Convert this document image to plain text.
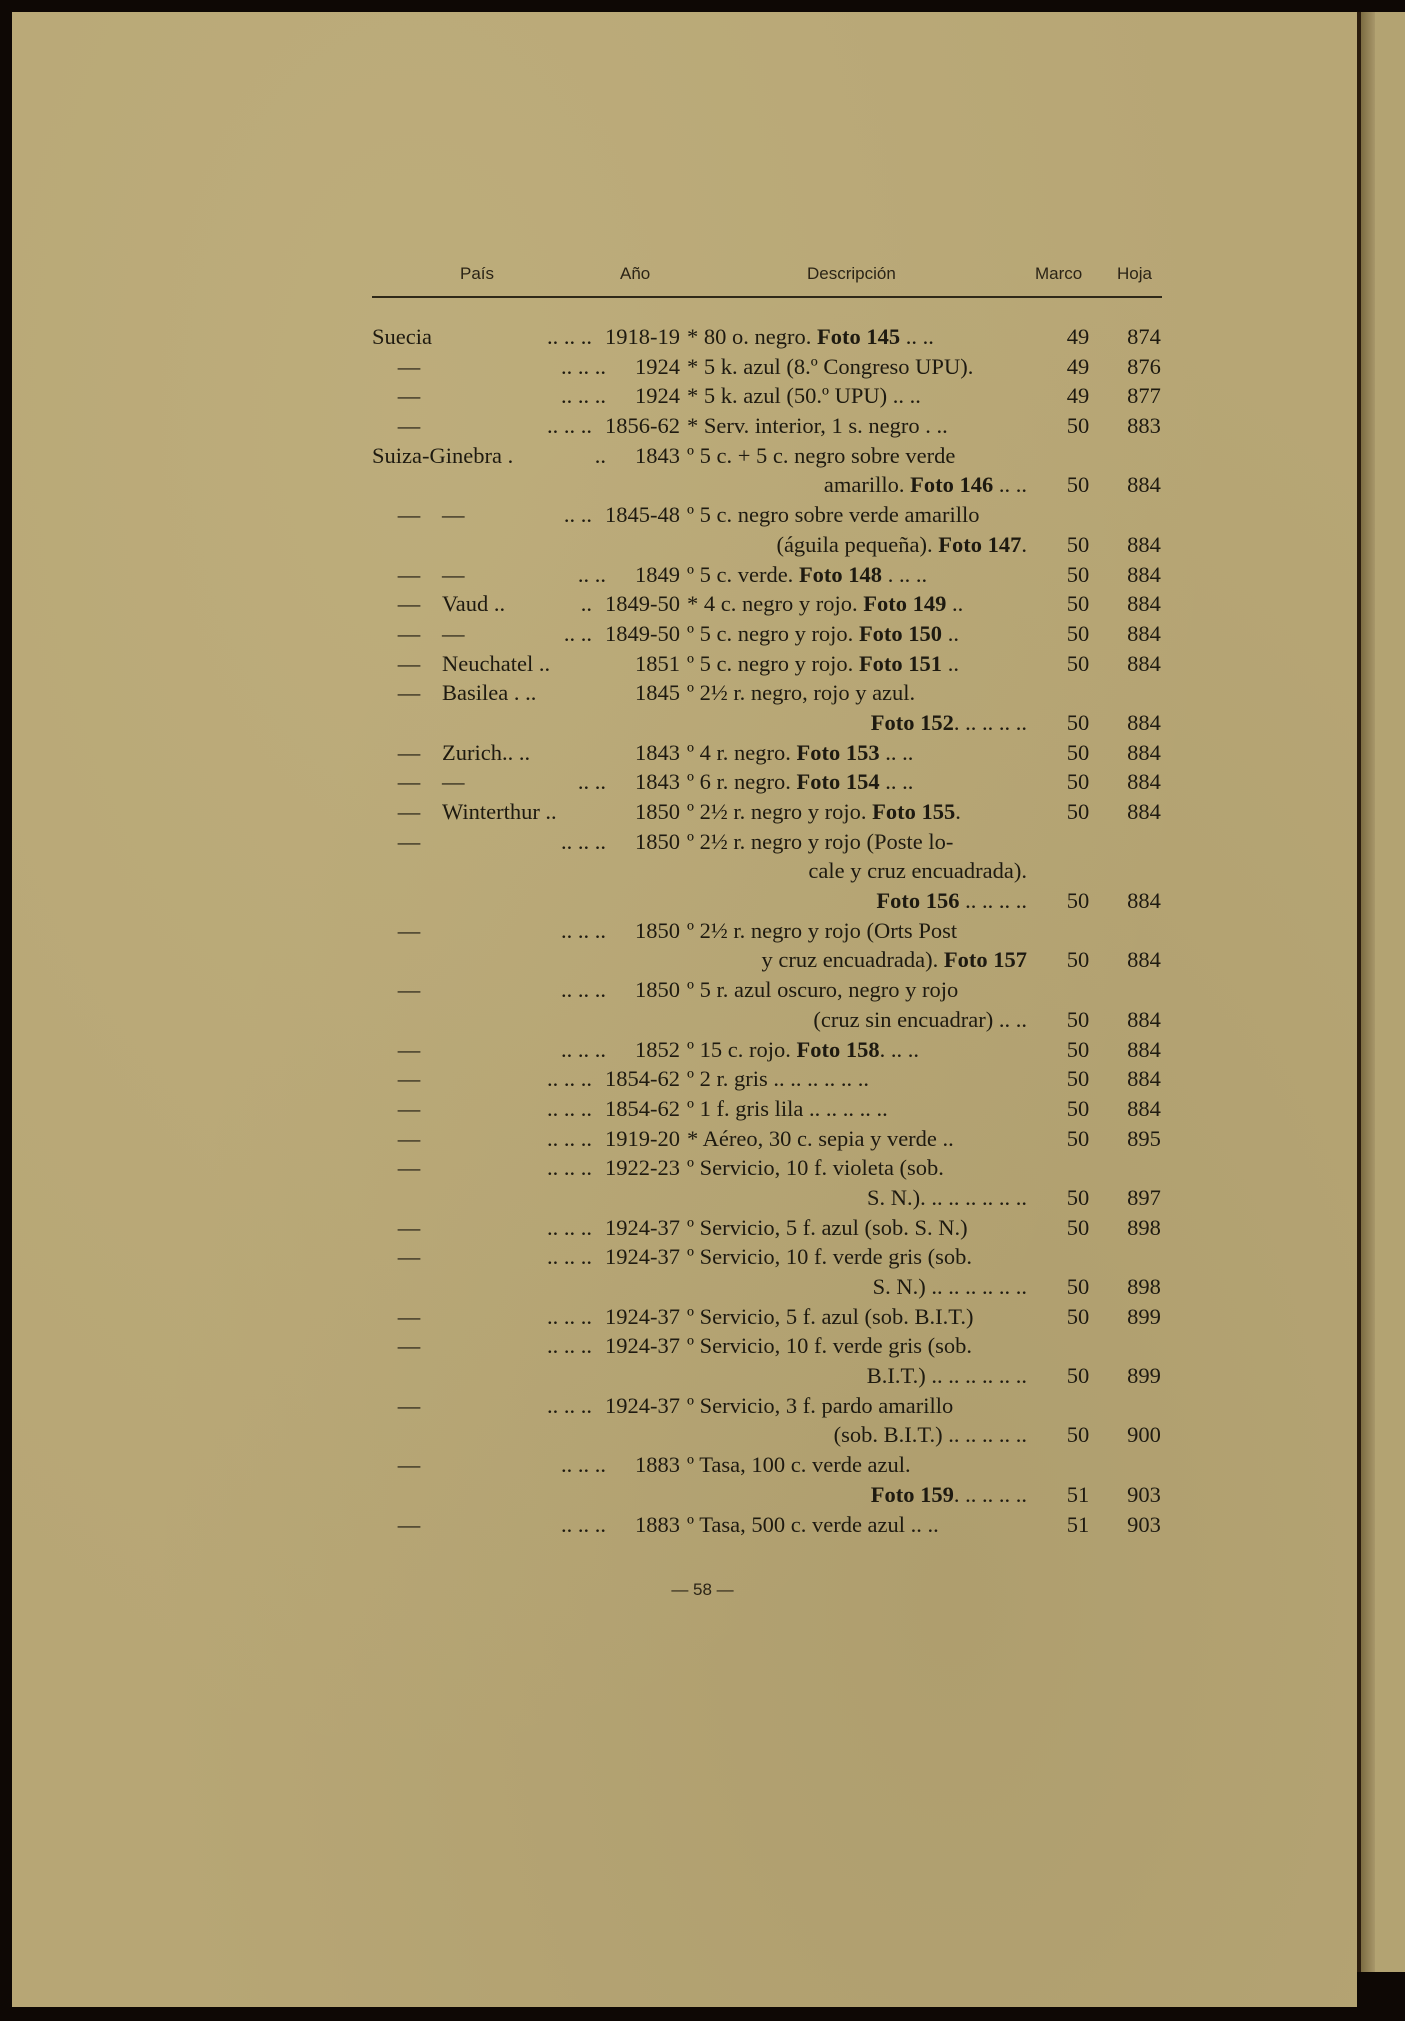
País	Año	Descripción	Marco Hoja
Suecia	.. .. .. 1918-19 * 80 o. negro. Foto 145 .. ..	49 874
—	.. .. .. 1924 * 5 k. azul (8.º Congreso UPU).	49 876
—	.. .. .. 1924 * 5 k. azul (50.º UPU) .. ..	49 877
—	.. .. .. 1856-62 * Serv. interior, 1 s. negro . ..	50 883
Suiza-Ginebra .	.. 1843 º 5 c. + 5 c. negro sobre verde
amarillo. Foto 146 .. .. 50 884
— —	.. .. 1845-48 º 5 c. negro sobre verde amarillo
(águila pequeña). Foto 147. 50 884
— —	.. .. 1849 º 5 c. verde. Foto 148 . .. ..	50 884
— Vaud ..	.. 1849-50 * 4 c. negro y rojo. Foto 149 ..	50 884
— —	.. .. 1849-50 º 5 c. negro y rojo. Foto 150 ..	50 884
— Neuchatel ..	1851 º 5 c. negro y rojo. Foto 151 ..	50 884
— Basilea . ..	1845 º 2½ r. negro, rojo y azul.
Foto 152. .. .. .. .. 50 884
— Zurich.. ..	1843 º 4 r. negro. Foto 153 .. ..	50 884
— —	.. .. 1843 º 6 r. negro. Foto 154 .. ..	50 884
— Winterthur ..	1850 º 2½ r. negro y rojo. Foto 155.	50 884
—	.. .. .. 1850 º 2½ r. negro y rojo (Poste lo-
cale y cruz encuadrada).
Foto 156 .. .. .. .. 50 884
—	.. .. .. 1850 º 2½ r. negro y rojo (Orts Post
y cruz encuadrada). Foto 157 50 884
—	.. .. .. 1850 º 5 r. azul oscuro, negro y rojo
(cruz sin encuadrar) .. .. 50 884
—	.. .. .. 1852 º 15 c. rojo. Foto 158. .. ..	50 884
—	.. .. .. 1854-62 º 2 r. gris .. .. .. .. .. ..	50 884
—	.. .. .. 1854-62 º 1 f. gris lila .. .. .. .. ..	50 884
—	.. .. .. 1919-20 * Aéreo, 30 c. sepia y verde ..	50 895
—	.. .. .. 1922-23 º Servicio, 10 f. violeta (sob.
S. N.). .. .. .. .. .. .. 50 897
—	.. .. .. 1924-37 º Servicio, 5 f. azul (sob. S. N.)	50 898
—	.. .. .. 1924-37 º Servicio, 10 f. verde gris (sob.
S. N.) .. .. .. .. .. .. 50 898
—	.. .. .. 1924-37 º Servicio, 5 f. azul (sob. B.I.T.)	50 899
—	.. .. .. 1924-37 º Servicio, 10 f. verde gris (sob.
B.I.T.) .. .. .. .. .. .. 50 899
—	.. .. .. 1924-37 º Servicio, 3 f. pardo amarillo
(sob. B.I.T.) .. .. .. .. .. 50 900
—	.. .. .. 1883 º Tasa, 100 c. verde azul.
Foto 159. .. .. .. .. 51 903
—	.. .. .. 1883 º Tasa, 500 c. verde azul .. ..	51 903
— 58 —
